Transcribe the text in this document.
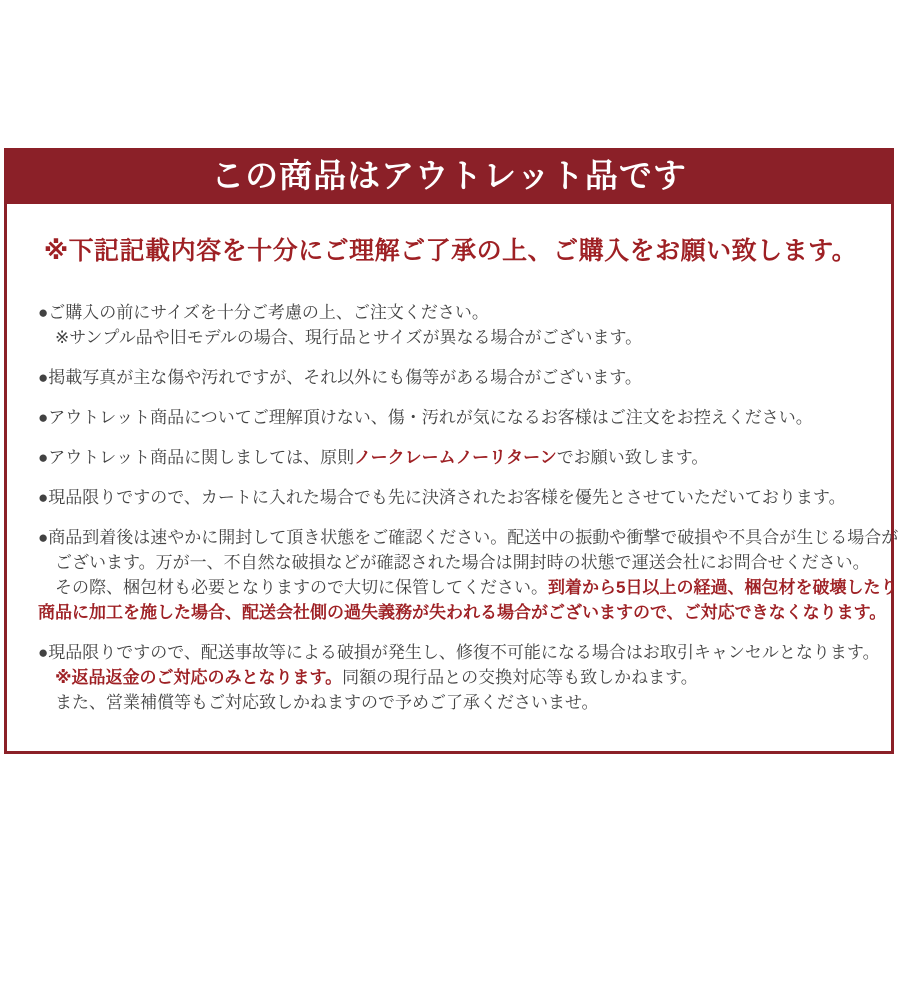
この商品はアウトレット品です
※下記記載内容を十分にご理解ご了承の上、ご購入をお願い致します。
●ご購入の前にサイズを十分ご考慮の上、ご注文ください。
※サンプル品や旧モデルの場合、現行品とサイズが異なる場合がございます。
●掲載写真が主な傷や汚れですが、それ以外にも傷等がある場合がございます。
●アウトレット商品についてご理解頂けない、傷・汚れが気になるお客様はご注文をお控えください。
●アウトレット商品に関しましては、原則ノークレームノーリターンでお願い致します。
●現品限りですので、カートに入れた場合でも先に決済されたお客様を優先とさせていただいております。
●商品到着後は速やかに開封して頂き状態をご確認ください。配送中の振動や衝撃で破損や不具合が生じる場合が
ございます。万が一、不自然な破損などが確認された場合は開封時の状態で運送会社にお問合せください。
その際、梱包材も必要となりますので大切に保管してください。到着から5日以上の経過、梱包材を破壊したり
商品に加工を施した場合、配送会社側の過失義務が失われる場合がございますので、ご対応できなくなります。
●現品限りですので、配送事故等による破損が発生し、修復不可能になる場合はお取引キャンセルとなります。
※返品返金のご対応のみとなります。同額の現行品との交換対応等も致しかねます。
また、営業補償等もご対応致しかねますので予めご了承くださいませ。
